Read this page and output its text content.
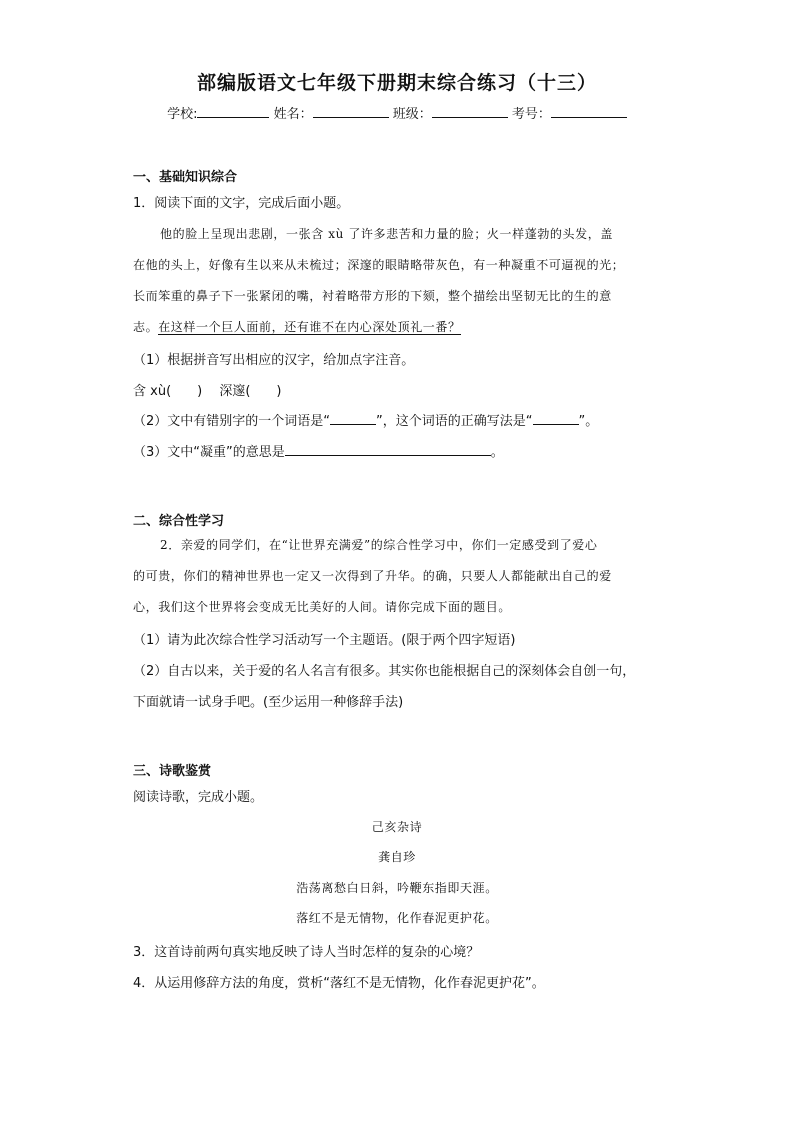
部编版语文七年级下册期末综合练习（十三）
学校:	姓名：	班级：	考号：
一、基础知识综合
1．阅读下面的文字，完成后面小题。
他的脸上呈现出悲剧，一张含 xù 了许多悲苦和力量的脸；火一样蓬勃的头发，盖
在他的头上，好像有生以来从未梳过；深邃的眼睛略带灰色，有一种凝重不可逼视的光；
长而笨重的鼻子下一张紧闭的嘴，衬着略带方形的下颏，整个描绘出坚韧无比的生的意
志。在这样一个巨人面前，还有谁不在内心深处顶礼一番？
（1）根据拼音写出相应的汉字，给加点字注音。
含 xù(　　)　 深邃(　　)
（2）文中有错别字的一个词语是“	”，这个词语的正确写法是“	”。
（3）文中“凝重”的意思是	。
二、综合性学习
2．亲爱的同学们，在“让世界充满爱”的综合性学习中，你们一定感受到了爱心
的可贵，你们的精神世界也一定又一次得到了升华。的确，只要人人都能献出自己的爱
心，我们这个世界将会变成无比美好的人间。请你完成下面的题目。
（1）请为此次综合性学习活动写一个主题语。(限于两个四字短语)
（2）自古以来，关于爱的名人名言有很多。其实你也能根据自己的深刻体会自创一句，
下面就请一试身手吧。(至少运用一种修辞手法)
三、诗歌鉴赏
阅读诗歌，完成小题。
己亥杂诗
龚自珍
浩荡离愁白日斜，吟鞭东指即天涯。
落红不是无情物，化作春泥更护花。
3．这首诗前两句真实地反映了诗人当时怎样的复杂的心境？
4．从运用修辞方法的角度，赏析“落红不是无情物，化作春泥更护花”。
